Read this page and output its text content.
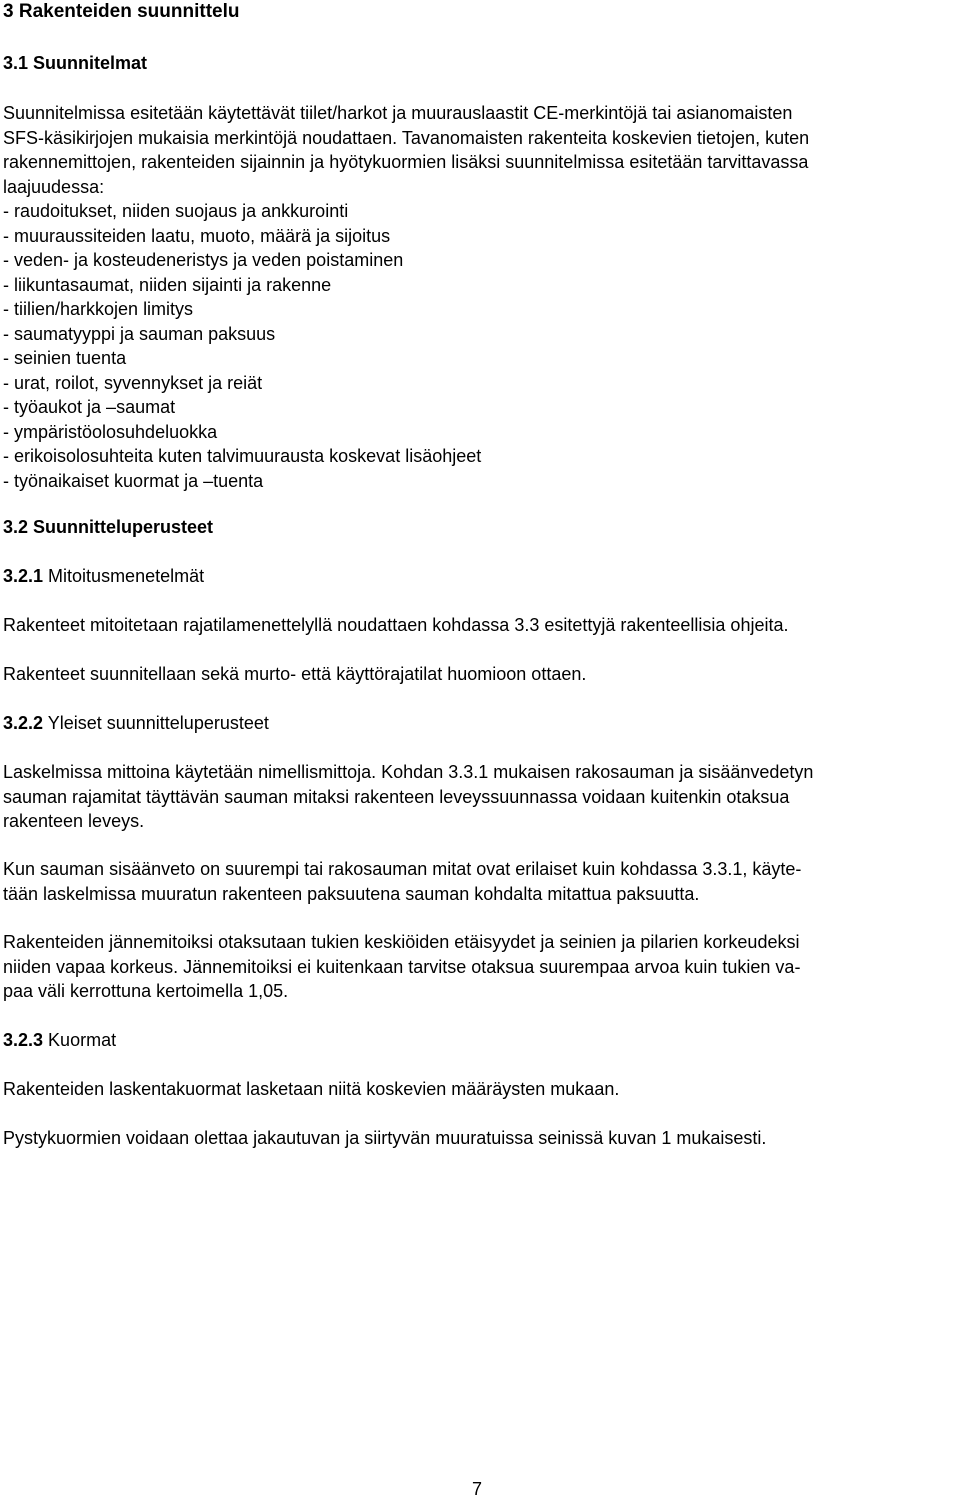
3 Rakenteiden suunnittelu
3.1 Suunnitelmat
Suunnitelmissa esitetään käytettävät tiilet/harkot ja muurauslaastit CE-merkintöjä tai asianomaisten
SFS-käsikirjojen mukaisia merkintöjä noudattaen. Tavanomaisten rakenteita koskevien tietojen, kuten
rakennemittojen, rakenteiden sijainnin ja hyötykuormien lisäksi suunnitelmissa esitetään tarvittavassa
laajuudessa:
- raudoitukset, niiden suojaus ja ankkurointi
- muuraussiteiden laatu, muoto, määrä ja sijoitus
- veden- ja kosteudeneristys ja veden poistaminen
- liikuntasaumat, niiden sijainti ja rakenne
- tiilien/harkkojen limitys
- saumatyyppi ja sauman paksuus
- seinien tuenta
- urat, roilot, syvennykset ja reiät
- työaukot ja –saumat
- ympäristöolosuhdeluokka
- erikoisolosuhteita kuten talvimuurausta koskevat lisäohjeet
- työnaikaiset kuormat ja –tuenta
3.2 Suunnitteluperusteet
3.2.1 Mitoitusmenetelmät
Rakenteet mitoitetaan rajatilamenettelyllä noudattaen kohdassa 3.3 esitettyjä rakenteellisia ohjeita.
Rakenteet suunnitellaan sekä murto- että käyttörajatilat huomioon ottaen.
3.2.2 Yleiset suunnitteluperusteet
Laskelmissa mittoina käytetään nimellismittoja. Kohdan 3.3.1 mukaisen rakosauman ja sisäänvedetyn
sauman rajamitat täyttävän sauman mitaksi rakenteen leveyssuunnassa voidaan kuitenkin otaksua
rakenteen leveys.
Kun sauman sisäänveto on suurempi tai rakosauman mitat ovat erilaiset kuin kohdassa 3.3.1, käyte-
tään laskelmissa muuratun rakenteen paksuutena sauman kohdalta mitattua paksuutta.
Rakenteiden jännemitoiksi otaksutaan tukien keskiöiden etäisyydet ja seinien ja pilarien korkeudeksi
niiden vapaa korkeus. Jännemitoiksi ei kuitenkaan tarvitse otaksua suurempaa arvoa kuin tukien va-
paa väli kerrottuna kertoimella 1,05.
3.2.3 Kuormat
Rakenteiden laskentakuormat lasketaan niitä koskevien määräysten mukaan.
Pystykuormien voidaan olettaa jakautuvan ja siirtyvän muuratuissa seinissä kuvan 1 mukaisesti.
7
